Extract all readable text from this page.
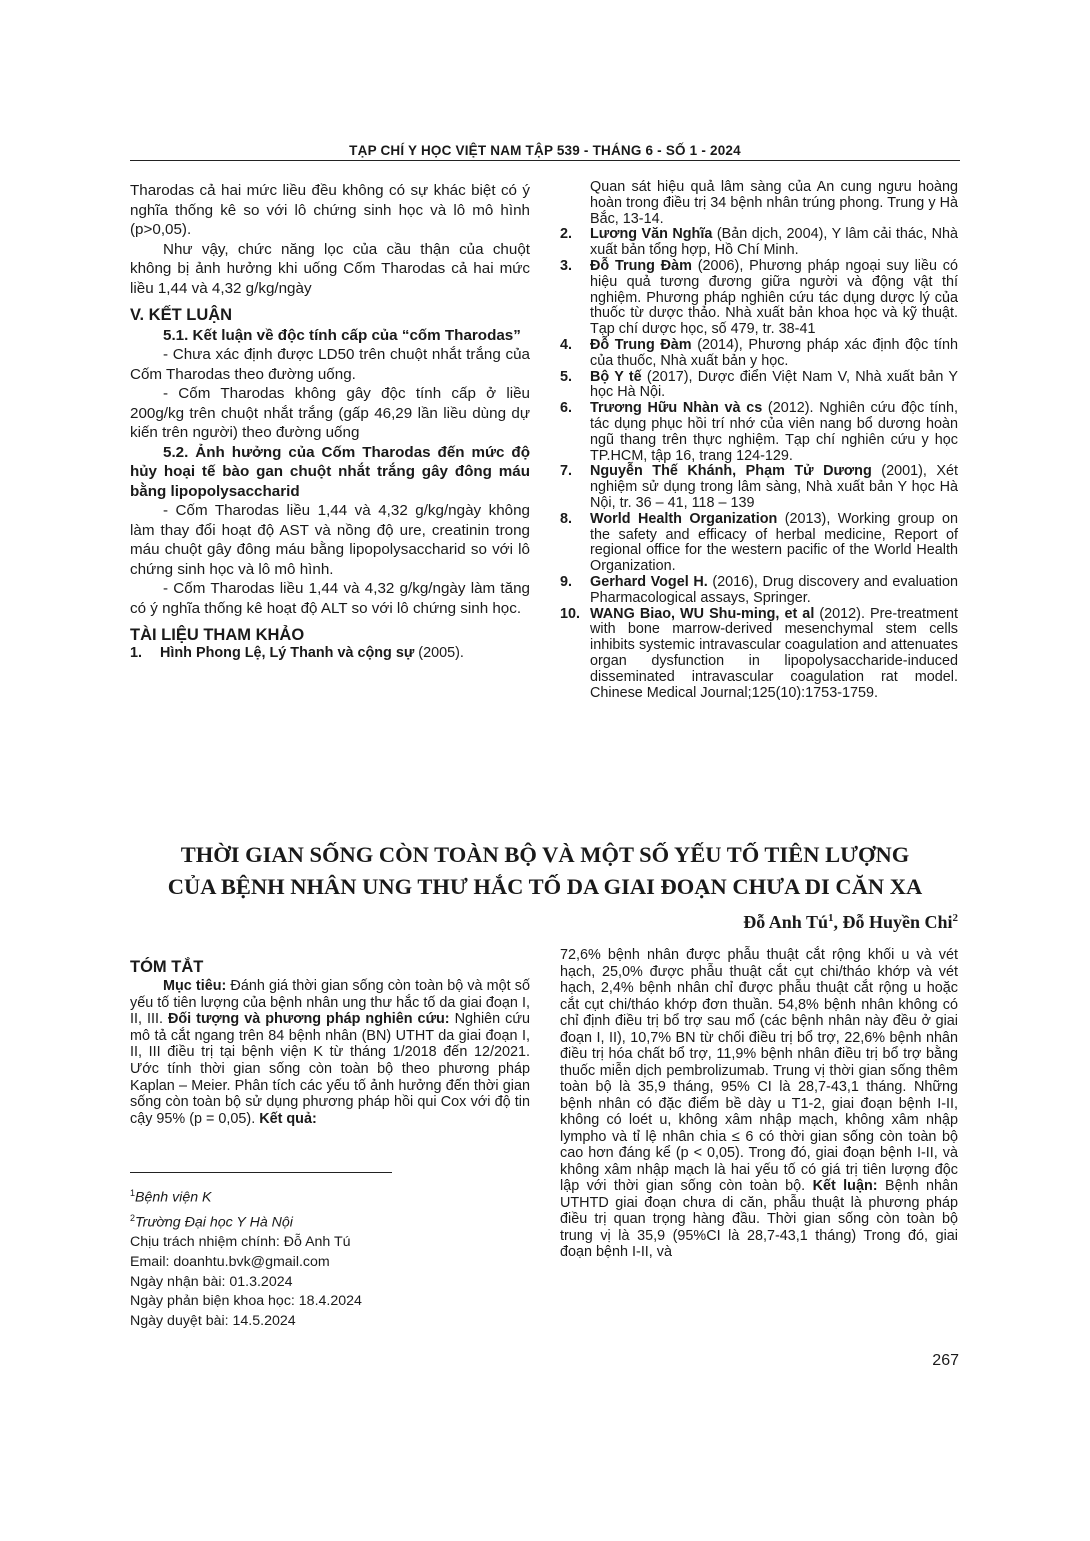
TẠP CHÍ Y HỌC VIỆT NAM TẬP 539 - THÁNG 6 - SỐ 1 - 2024

Tharodas cả hai mức liều đều không có sự khác biệt có ý nghĩa thống kê so với lô chứng sinh học và lô mô hình (p>0,05).

Như vậy, chức năng lọc của cầu thận của chuột không bị ảnh hưởng khi uống Cốm Tharodas cả hai mức liều 1,44 và 4,32 g/kg/ngày

V. KẾT LUẬN

5.1. Kết luận về độc tính cấp của “cốm Tharodas”

- Chưa xác định được LD50 trên chuột nhắt trắng của Cốm Tharodas theo đường uống.

- Cốm Tharodas không gây độc tính cấp ở liều 200g/kg trên chuột nhắt trắng (gấp 46,29 lần liều dùng dự kiến trên người) theo đường uống

5.2. Ảnh hưởng của Cốm Tharodas đến mức độ hủy hoại tế bào gan chuột nhắt trắng gây đông máu bằng lipopolysaccharid

- Cốm Tharodas liều 1,44 và 4,32 g/kg/ngày không làm thay đổi hoạt độ AST và nồng độ ure, creatinin trong máu chuột gây đông máu bằng lipopolysaccharid so với lô chứng sinh học và lô mô hình.

- Cốm Tharodas liều 1,44 và 4,32 g/kg/ngày làm tăng có ý nghĩa thống kê hoạt độ ALT so với lô chứng sinh học.

TÀI LIỆU THAM KHẢO

1. Hình Phong Lệ, Lý Thanh và cộng sự (2005).

Quan sát hiệu quả lâm sàng của An cung ngưu hoàng hoàn trong điều trị 34 bệnh nhân trúng phong. Trung y Hà Bắc, 13-14.

2. Lương Văn Nghĩa (Bản dịch, 2004), Y lâm cải thác, Nhà xuất bản tổng hợp, Hồ Chí Minh.

3. Đỗ Trung Đàm (2006), Phương pháp ngoại suy liều có hiệu quả tương đương giữa người và động vật thí nghiệm. Phương pháp nghiên cứu tác dụng dược lý của thuốc từ dược thảo. Nhà xuất bản khoa học và kỹ thuật. Tạp chí dược học, số 479, tr. 38-41

4. Đỗ Trung Đàm (2014), Phương pháp xác định độc tính của thuốc, Nhà xuất bản y học.

5. Bộ Y tế (2017), Dược điển Việt Nam V, Nhà xuất bản Y học Hà Nội.

6. Trương Hữu Nhàn và cs (2012). Nghiên cứu độc tính, tác dụng phục hồi trí nhớ của viên nang bổ dương hoàn ngũ thang trên thực nghiệm. Tạp chí nghiên cứu y học TP.HCM, tập 16, trang 124-129.

7. Nguyễn Thế Khánh, Phạm Tử Dương (2001), Xét nghiệm sử dụng trong lâm sàng, Nhà xuất bản Y học Hà Nội, tr. 36 – 41, 118 – 139

8. World Health Organization (2013), Working group on the safety and efficacy of herbal medicine, Report of regional office for the western pacific of the World Health Organization.

9. Gerhard Vogel H. (2016), Drug discovery and evaluation Pharmacological assays, Springer.

10. WANG Biao, WU Shu-ming, et al (2012). Pre-treatment with bone marrow-derived mesenchymal stem cells inhibits systemic intravascular coagulation and attenuates organ dysfunction in lipopolysaccharide-induced disseminated intravascular coagulation rat model. Chinese Medical Journal;125(10):1753-1759.

THỜI GIAN SỐNG CÒN TOÀN BỘ VÀ MỘT SỐ YẾU TỐ TIÊN LƯỢNG
CỦA BỆNH NHÂN UNG THƯ HẮC TỐ DA GIAI ĐOẠN CHƯA DI CĂN XA
Đỗ Anh $Tú^1$, Đỗ Huyền Chi$^2$

TÓM TẮT

Mục tiêu: Đánh giá thời gian sống còn toàn bộ và một số yếu tố tiên lượng của bệnh nhân ung thư hắc tố da giai đoạn I, II, III. Đối tượng và phương pháp nghiên cứu: Nghiên cứu mô tả cắt ngang trên 84 bệnh nhân (BN) UTHT da giai đoạn I, II, III điều trị tại bệnh viện K từ tháng 1/2018 đến 12/2021. Ước tính thời gian sống còn toàn bộ theo phương pháp Kaplan – Meier. Phân tích các yếu tố ảnh hưởng đến thời gian sống còn toàn bộ sử dụng phương pháp hồi qui Cox với độ tin cậy 95% (p = 0,05). Kết quả:

$^1$Bệnh viện K

$^2$Trường Đại học Y Hà Nội

Chịu trách nhiệm chính: Đỗ Anh Tú

Email: doanhtu.bvk@gmail.com

Ngày nhận bài: 01.3.2024

Ngày phản biện khoa học: 18.4.2024

Ngày duyệt bài: 14.5.2024

72,6% bệnh nhân được phẫu thuật cắt rộng khối u và vét hạch, 25,0% được phẫu thuật cắt cụt chi/tháo khớp và vét hạch, 2,4% bệnh nhân chỉ được phẫu thuật cắt rộng u hoặc cắt cụt chi/tháo khớp đơn thuần. 54,8% bệnh nhân không có chỉ định điều trị bổ trợ sau mổ (các bệnh nhân này đều ở giai đoạn I, II), 10,7% BN từ chối điều trị bổ trợ, 22,6% bệnh nhân điều trị hóa chất bổ trợ, 11,9% bệnh nhân điều trị bổ trợ bằng thuốc miễn dịch pembrolizumab. Trung vị thời gian sống thêm toàn bộ là 35,9 tháng, 95% CI là 28,7-43,1 tháng. Những bệnh nhân có đặc điểm bề dày u T1-2, giai đoạn bệnh I-II, không có loét u, không xâm nhập mạch, không xâm nhập lympho và tỉ lệ nhân chia ≤ 6 có thời gian sống còn toàn bộ cao hơn đáng kể (p < 0,05). Trong đó, giai đoạn bệnh I-II, và không xâm nhập mạch là hai yếu tố có giá trị tiên lượng độc lập với thời gian sống còn toàn bộ. Kết luận: Bệnh nhân UTHTD giai đoạn chưa di căn, phẫu thuật là phương pháp điều trị quan trọng hàng đầu. Thời gian sống còn toàn bộ trung vị là 35,9 (95%CI là 28,7-43,1 tháng) Trong đó, giai đoạn bệnh I-II, và

267
